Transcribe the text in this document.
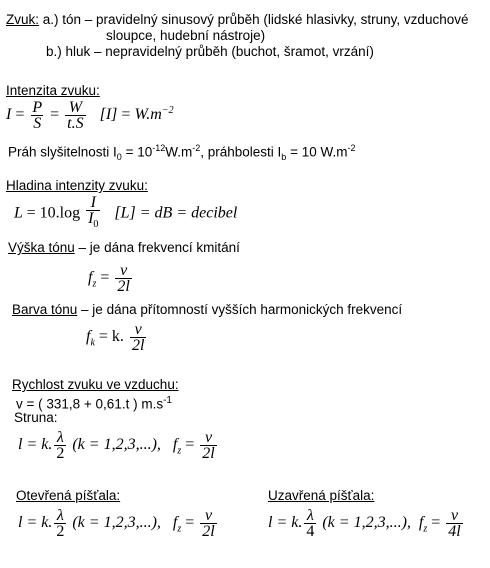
Zvuk: a.) tón – pravidelný sinusový průběh (lidské hlasivky, struny, vzduchové
sloupce, hudební nástroje)
b.) hluk – nepravidelný průběh (buchot, šramot, vrzání)
Intenzita zvuku:
$I = \frac{P}{S} = \frac{W}{t.S} [I] = W.m^{-2}$
Práh slyšitelnosti $I_0 = 10^{-12}W.m^{-2}$, práhbolesti $I_b = 10$ $W.m^{-2}$
Hladina intenzity zvuku:
$L = 10.\log \frac{I}{I_0} [L]$ = dB = decibel
Výška tónu – je dána frekvencí kmitání
$f_z = \frac{v}{2l}$
Barva tónu – je dána přítomností vyšších harmonických frekvencí
$f_k = k$. $\frac{v}{2l}$
Rychlost zvuku ve vzduchu:
v = ( 331,8 + 0,61.t ) $m.s^{-1}$
Struna:
l = k. $\frac{\lambda}{2} (k = 1,2,3,...)$, $f_z = \frac{v}{2l}$
Otevřená píšťala:
l = k. $\frac{\lambda}{2} (k = 1,2,3,...)$, $f_z = \frac{v}{2l}$
Uzavřená píšťala:
l = k. $\frac{\lambda}{4} (k = 1,2,3,...)$, $f_z = \frac{v}{4l}$
